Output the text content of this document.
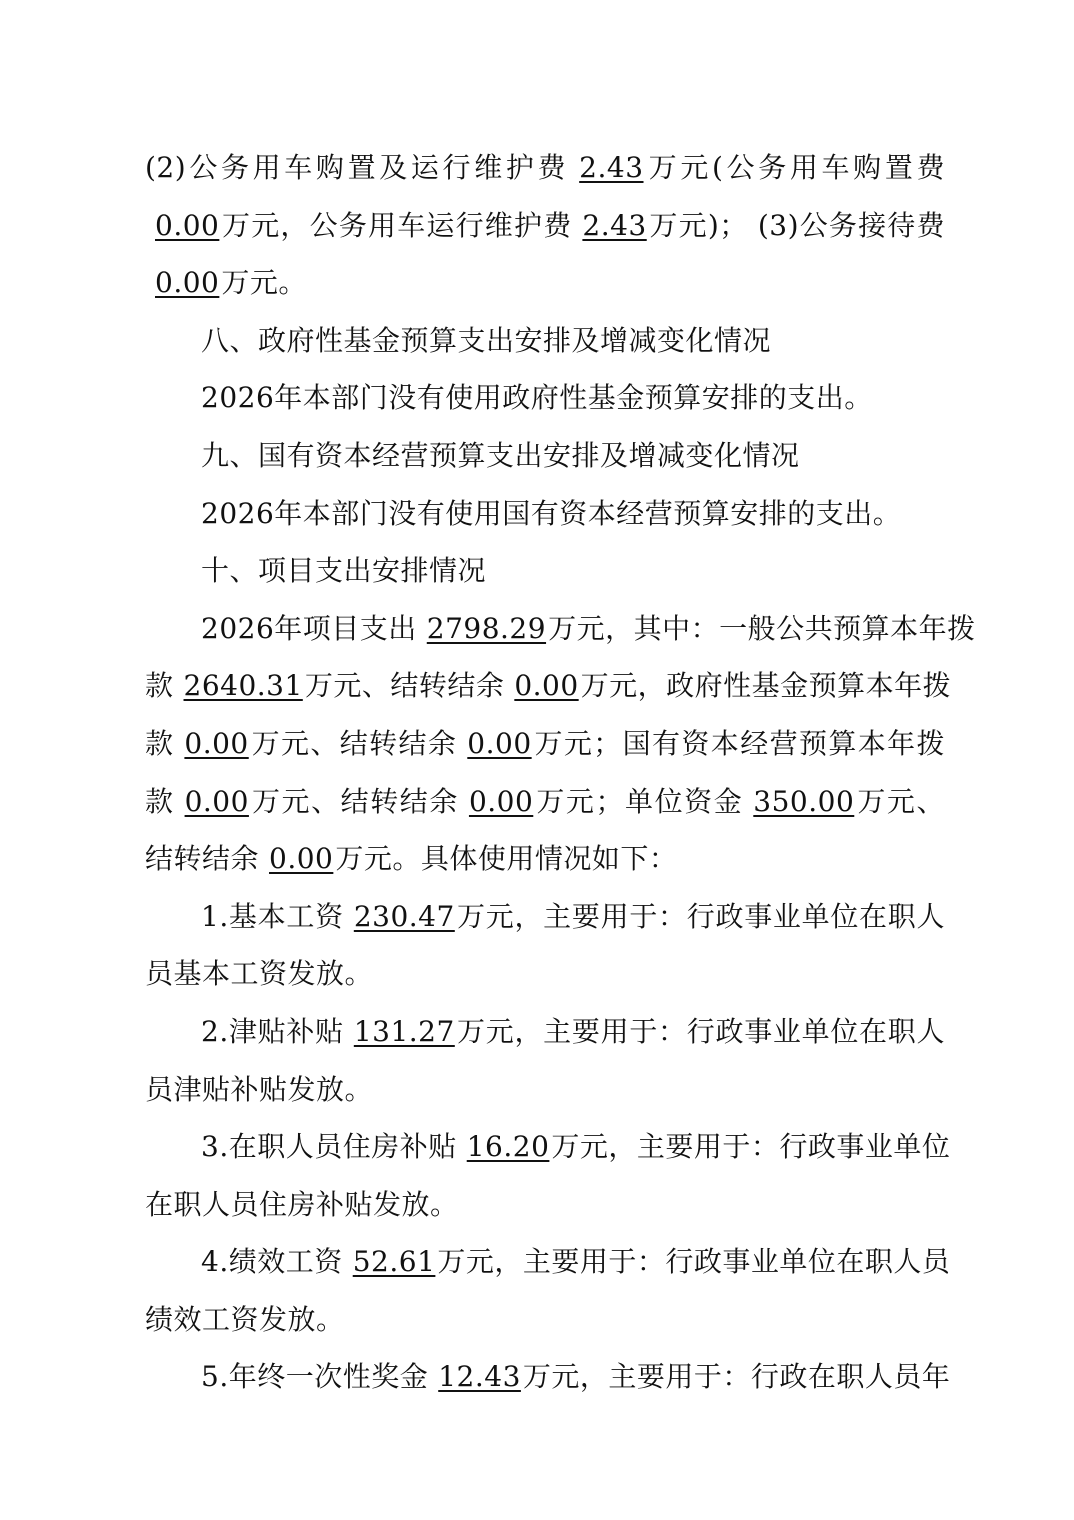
(2)公务用车购置及运行维护费 2.43万元(公务用车购置费
0.00万元，公务用车运行维护费 2.43万元)； (3)公务接待费
0.00万元。
八、政府性基金预算支出安排及增减变化情况
2026年本部门没有使用政府性基金预算安排的支出。
九、国有资本经营预算支出安排及增减变化情况
2026年本部门没有使用国有资本经营预算安排的支出。
十、项目支出安排情况
2026年项目支出 2798.29万元，其中：一般公共预算本年拨
款 2640.31万元、结转结余 0.00万元，政府性基金预算本年拨
款 0.00万元、结转结余 0.00万元；国有资本经营预算本年拨
款 0.00万元、结转结余 0.00万元；单位资金 350.00万元、
结转结余 0.00万元。具体使用情况如下：
1.基本工资 230.47万元，主要用于：行政事业单位在职人
员基本工资发放。
2.津贴补贴 131.27万元，主要用于：行政事业单位在职人
员津贴补贴发放。
3.在职人员住房补贴 16.20万元，主要用于：行政事业单位
在职人员住房补贴发放。
4.绩效工资 52.61万元，主要用于：行政事业单位在职人员
绩效工资发放。
5.年终一次性奖金 12.43万元，主要用于：行政在职人员年
